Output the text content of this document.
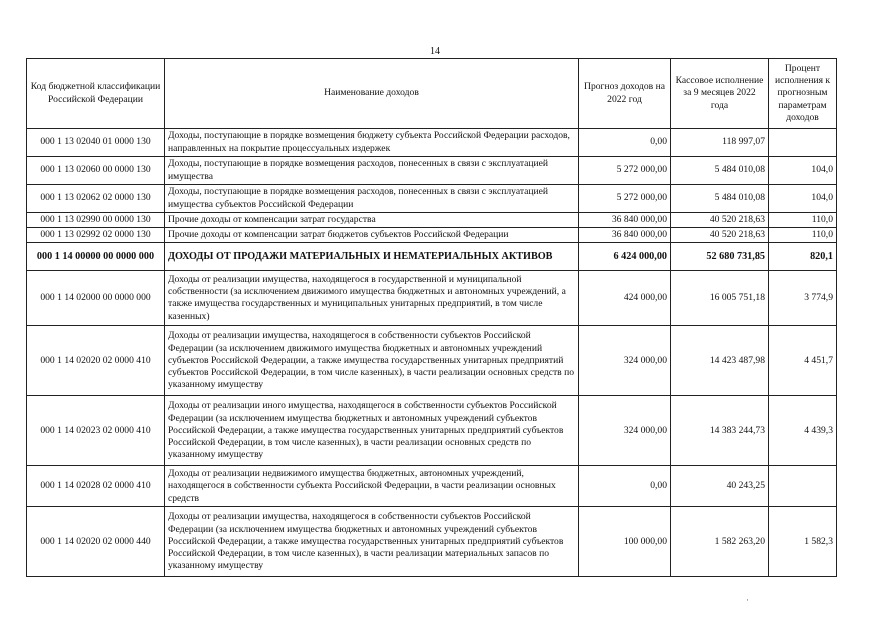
14
Код бюджетной классификации Российской Федерации	Наименование доходов	Прогноз доходов на 2022 год	Кассовое исполнение за 9 месяцев 2022 года	Процент исполнения к прогнозным параметрам доходов
000 1 13 02040 01 0000 130	Доходы, поступающие в порядке возмещения бюджету субъекта Российской Федерации расходов, направленных на покрытие процессуальных издержек	0,00	118 997,07	
000 1 13 02060 00 0000 130	Доходы, поступающие в порядке возмещения расходов, понесенных в связи с эксплуатацией имущества	5 272 000,00	5 484 010,08	104,0
000 1 13 02062 02 0000 130	Доходы, поступающие в порядке возмещения расходов, понесенных в связи с эксплуатацией имущества субъектов Российской Федерации	5 272 000,00	5 484 010,08	104,0
000 1 13 02990 00 0000 130	Прочие доходы от компенсации затрат государства	36 840 000,00	40 520 218,63	110,0
000 1 13 02992 02 0000 130	Прочие доходы от компенсации затрат бюджетов субъектов Российской Федерации	36 840 000,00	40 520 218,63	110,0
000 1 14 00000 00 0000 000	ДОХОДЫ ОТ ПРОДАЖИ МАТЕРИАЛЬНЫХ И НЕМАТЕРИАЛЬНЫХ АКТИВОВ	6 424 000,00	52 680 731,85	820,1
000 1 14 02000 00 0000 000	Доходы от реализации имущества, находящегося в государственной и муниципальной собственности (за исключением движимого имущества бюджетных и автономных учреждений, а также имущества государственных и муниципальных унитарных предприятий, в том числе казенных)	424 000,00	16 005 751,18	3 774,9
000 1 14 02020 02 0000 410	Доходы от реализации имущества, находящегося в собственности субъектов Российской Федерации (за исключением движимого имущества бюджетных и автономных учреждений субъектов Российской Федерации, а также имущества государственных унитарных предприятий субъектов Российской Федерации, в том числе казенных), в части реализации основных средств по указанному имуществу	324 000,00	14 423 487,98	4 451,7
000 1 14 02023 02 0000 410	Доходы от реализации иного имущества, находящегося в собственности субъектов Российской Федерации (за исключением имущества бюджетных и автономных учреждений субъектов Российской Федерации, а также имущества государственных унитарных предприятий субъектов Российской Федерации, в том числе казенных), в части реализации основных средств по указанному имуществу	324 000,00	14 383 244,73	4 439,3
000 1 14 02028 02 0000 410	Доходы от реализации недвижимого имущества бюджетных, автономных учреждений, находящегося в собственности субъекта Российской Федерации, в части реализации основных средств	0,00	40 243,25	
000 1 14 02020 02 0000 440	Доходы от реализации имущества, находящегося в собственности субъектов Российской Федерации (за исключением имущества бюджетных и автономных учреждений субъектов Российской Федерации, а также имущества государственных унитарных предприятий субъектов Российской Федерации, в том числе казенных), в части реализации материальных запасов по указанному имуществу	100 000,00	1 582 263,20	1 582,3
·
